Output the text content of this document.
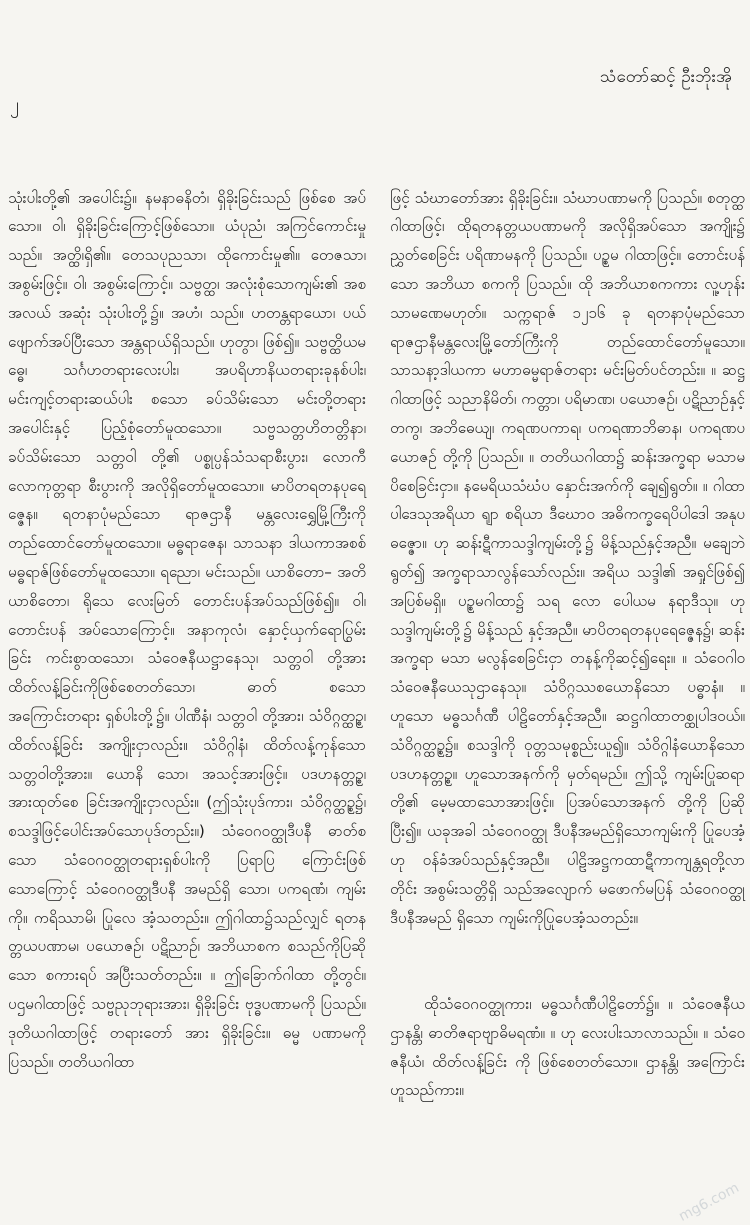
သံတော်ဆင့် ဦးဘိုးအို
၂

သုံးပါးတို့၏ အပေါင်း၌။ နမနာဓနိတံ၊ ရှိခိုးခြင်းသည် ဖြစ်စေ အပ်သော။ ဝါ၊ ရှိခိုးခြင်းကြောင့်ဖြစ်သော။ ယံပုညံ၊ အကြင်ကောင်းမှုသည်။ အတ္ထိ၊ရှိ၏။ တေသပုညသာ၊ ထိုကောင်းမှု၏။ တေဇသာ၊ အစွမ်းဖြင့်။ ဝါ၊ အစွမ်းကြောင့်။ သဗ္ဗတ္ထ၊ အလုံးစုံသောကျမ်း၏ အစအလယ် အဆုံး သုံးပါးတို့၌။ အဟံ၊ သည်။ ဟတန္တရာယော၊ ပယ်ဖျောက်အပ်ပြီးသော အန္တရာယ်ရှိသည်။ ဟုတွာ၊ ဖြစ်၍။ သဗ္ဗတ္ထိယမဓ္ဓေ၊ သင်္ဂဟတရားလေးပါး၊ အပရိဟာနိယတရားခုနစ်ပါး၊ မင်းကျင့်တရားဆယ်ပါး စသော ခပ်သိမ်းသော မင်းတို့တရားအပေါင်းနှင့် ပြည့်စုံတော်မူထသော။ သဗ္ဗသတ္တဟိတတ္တိနာ၊ ခပ်သိမ်းသော သတ္တဝါ တို့၏ ပစ္စုပ္ပန်သံသရာစီးပွား၊ လောကီလောကုတ္တရာ စီးပွားကို အလိုရှိတော်မူထသော။ မာပိတရတနပုရေဇ္ဇေန။ ရတနာပုံမည်သော ရာဇဌာနီ မန္တလေးရွှေမြို့ကြီးကို တည်ထောင်တော်မူထသော။ မဓ္ဓရာဇေန၊ သာသနာ ဒါယကာအစစ် မဓ္ဓရာဇ်ဖြစ်တော်မူထသော။ ရညော၊ မင်းသည်။ ယာစိတော– အတိယာစိတော၊ ရိုသေ လေးမြတ် တောင်းပန်အပ်သည်ဖြစ်၍။ ဝါ၊ တောင်းပန် အပ်သောကြောင့်။ အနာကုလံ၊ နှောင့်ယှက်ရောပြွမ်း ခြင်း ကင်းစွာထသော၊ သံဝေဇနီယဋ္ဌာနေသု၊ သတ္တဝါ တို့အား ထိတ်လန့်ခြင်းကိုဖြစ်စေတတ်သော၊ ဓာတ် စသော အကြောင်းတရား ရှစ်ပါးတို့၌။ ပါဏီနံ၊ သတ္တဝါ တို့အား၊ သံဝိဂ္ဂတ္ထဉ္စ၊ ထိတ်လန့်ခြင်း အကျိုးငှာလည်း။ သံဝိဂ္ဂါနံ၊ ထိတ်လန့်ကုန်သောသတ္တဝါတို့အား။ ယောနိ သော၊ အသင့်အားဖြင့်။ ပဒဟနတ္တဉ္စ၊ အားထုတ်စေ ခြင်းအကျိုးငှာလည်း။ (ဤသုံးပုဒ်ကား၊ သံဝိဂ္ဂတ္ထဉ္စ၌၊ စသဒ္ဒါဖြင့်ပေါင်းအပ်သောပုဒ်တည်း။) သံဝေဂဝတ္ထုဒီပနီ ဓာတ်စသော သံဝေဂဝတ္ထုတရားရှစ်ပါးကို ပြရာပြ ကြောင်းဖြစ်သောကြောင့် သံဝေဂဝတ္ထုဒီပနီ အမည်ရှိ သော၊ ပကရဏံ၊ ကျမ်းကို။ ကရိဿာမိ၊ ပြုလေ အံ့သတည်း။ ဤဂါထာ၌သည်လျှင် ရတနတ္တယပဏာမ၊ ပယောဇဉ်၊ ပဋိညာဉ်၊ အဘိယာစက စသည်ကိုပြဆို သော စကားရပ် အပြီးသတ်တည်း။ ။ ဤခြောက်ဂါထာ တို့တွင်။ ပဌမဂါထာဖြင့် သဗ္ဗညုဘုရားအား၊ ရှိခိုးခြင်း ဗုဒ္ဓပဏာမကို ပြသည်။ ဒုတိယဂါထာဖြင့် တရားတော် အား ရှိခိုးခြင်း။ ဓမ္မ ပဏာမကိုပြသည်။ တတိယဂါထာ

ဖြင့် သံဃာတော်အား ရှိခိုးခြင်း။ သံဃာပဏာမကို ပြသည်။ စတုတ္ထဂါထာဖြင့်၊ ထိုရတနတ္တယပဏာမကို အလိုရှိအပ်သော အကျိုး၌ ညွှတ်စေခြင်း ပရိဏာမနကို ပြသည်။ ပဉ္စမ ဂါထာဖြင့်။ တောင်းပန်သော အဘိယာ စကကို ပြသည်။ ထို အဘိယာစကကား လူ့ဟုန်း သာမဏေမဟုတ်။ သက္ကရာဇ် ၁၂၁၆ ခု ရတနာပုံမည်သော ရာဇဌာနီမန္တလေးမြို့တော်ကြီးကို တည်ထောင်တော်မူသော။ သာသနာ့ဒါယကာ မဟာဓမ္မရာဇ်တရား မင်းမြတ်ပင်တည်း။ ။ ဆဋ္ဌဂါထာဖြင့် သညာနိမိတ်၊ ကတ္တာ၊ ပရိမာဏ၊ ပယောဇဉ်၊ ပဋိညာဉ်နှင့်တကွ၊ အဘိဓေယျ၊ ကရဏပကာရ၊ ပကရဏာဘိဓာန၊ ပကရဏပယောဇဉ် တို့ကို ပြသည်။ ။ တတိယဂါထာ၌ ဆန်းအက္ခရာ မသာမပိစေခြင်းငှာ။ နမေရိယသံဃံပ နှောင်းအက်ကို ချေ၍ရွတ်။ ။ ဂါထာပါဒေသုအရိယာ ရျာ စရိယာ ဒီဃောဝ အဓိကက္ခရေပိပါဒေါ အနုပဓဇ္ဇော။ ဟု ဆန်းဋီကာသဒ္ဒါကျမ်းတို့၌ မိန့်သည်နှင့်အညီ။ မချေဘဲ ရွတ်၍ အက္ခရာသာလွန်သော်လည်း။ အရိယ သဒ္ဒါ၏ အရှုင်ဖြစ်၍ အပြစ်မရှိ။ ပဉ္စမဂါထာ၌ သရ လော ပေါယမ နရာဒီသု။ ဟု သဒ္ဒါကျမ်းတို့၌ မိန့်သည် နှင့်အညီ။ မာပိတရတနပုရေဇ္ဇေန၌၊ ဆန်းအက္ခရာ မသာ မလွန်စေခြင်းငှာ တနန့်ကိုဆင့်၍ရေး။ ။ သံဝေဂါဝ သံဝေဇနီယေသုဌာနေသု။ သံဝိဂ္ဂဿစယောနိသော ပဓ္ဓာနံ။ ။ ဟူသော မဓ္ဓသင်္ဂဏီ ပါဠိတော်နှင့်အညီ။ ဆဋ္ဌဂါထာတစ္ထုပါဒဝယ်။ သံဝိဂ္ဂတ္ထဉ္စ၌။ စသဒ္ဒါကို ဝုတ္တသမုစ္စည်းယူ၍။ သံဝိဂ္ဂါနံယောနိသော ပဒဟနတ္တဉ္စ။ ဟူသောအနက်ကို မှတ်ရမည်။ ဤသို့ ကျမ်းပြုဆရာ တို့၏ မေ့မထာသောအားဖြင့်။ ပြအပ်သောအနက် တို့ကို ပြဆိုပြီး၍။ ယခုအခါ သံဝေဂဝတ္ထု ဒီပနီအမည်ရှိသောကျမ်းကို ပြုပေအံ့ဟု ဝန်ခံအပ်သည်နှင့်အညီ။ ပါဠိအဋ္ဌကထာဋီကာကျန္တရတို့လာတိုင်း အစွမ်းသတ္တိရှိ သည်အလျောက် မဖောက်မပြန် သံဝေဂဝတ္ထုဒီပနီအမည် ရှိသော ကျမ်းကိုပြုပေအံ့သတည်း။

ထိုသံဝေဂဝတ္ထုကား၊ မဓ္ဓသင်္ဂဏီပါဠိတော်၌။ ။ သံဝေဇနီယဌာနန္တိ၊ ဓာတိဇရာဗျာဓိမရဏံ။ ။ ဟု လေးပါးသာလာသည်။ ။ သံဝေဇနီယံ၊ ထိတ်လန့်ခြင်း ကို ဖြစ်စေတတ်သော။ ဌာနန္တိ၊ အကြောင်းဟူသည်ကား။

mg6.com
